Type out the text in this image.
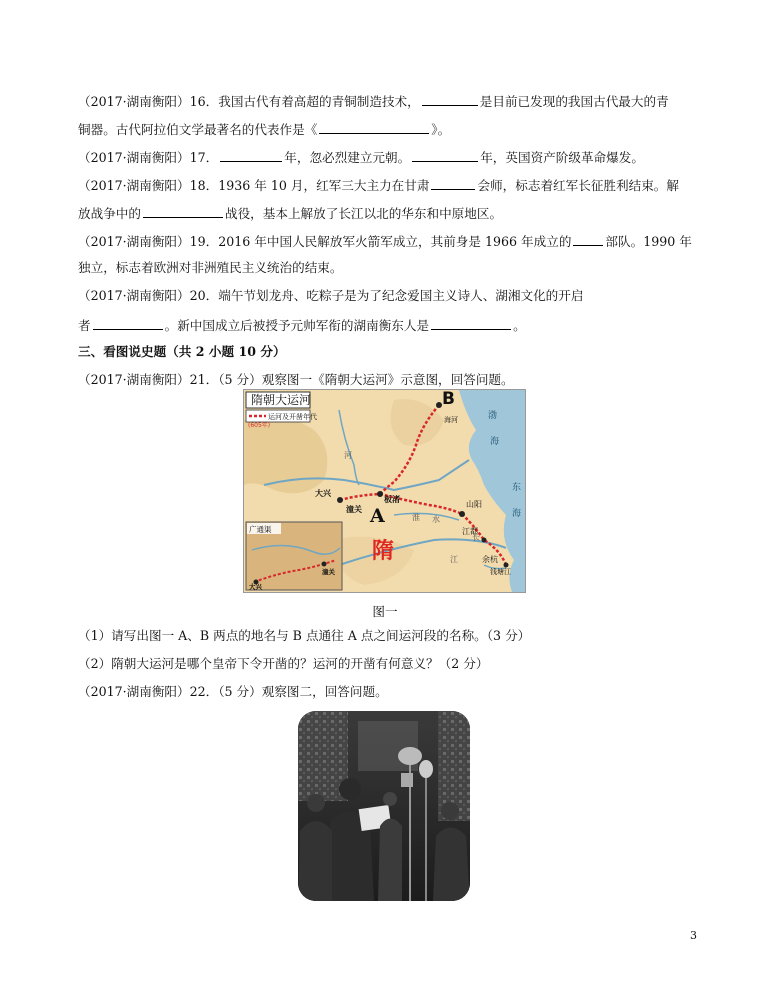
（2017·湖南衡阳）16．我国古代有着高超的青铜制造技术，	是目前已发现的我国古代最大的青
铜器。古代阿拉伯文学最著名的代表作是《	》。
（2017·湖南衡阳）17．	年，忽必烈建立元朝。	年，英国资产阶级革命爆发。
（2017·湖南衡阳）18．1936 年 10 月，红军三大主力在甘肃	会师，标志着红军长征胜利结束。解
放战争中的	战役，基本上解放了长江以北的华东和中原地区。
（2017·湖南衡阳）19．2016 年中国人民解放军火箭军成立，其前身是 1966 年成立的	部队。1990 年
独立，标志着欧洲对非洲殖民主义统治的结束。
（2017·湖南衡阳）20．端午节划龙舟、吃粽子是为了纪念爱国主义诗人、湖湘文化的开启
者	。新中国成立后被授予元帅军衔的湖南衡东人是	。
三、看图说史题（共 2 小题 10 分）
（2017·湖南衡阳）21．（5 分）观察图一《隋朝大运河》示意图，回答问题。
隋朝大运河
运河及开凿年代
(605年)
B
A
隋
大兴
潼关
板渚
山阳
江都
余杭
钱塘江
海河	渤
海
东
海
河
淮 水
长
江
广通渠
大兴
潼关
图一
（1）请写出图一 A、B 两点的地名与 B 点通往 A 点之间运河段的名称。（3 分）
（2）隋朝大运河是哪个皇帝下令开凿的？运河的开凿有何意义？（2 分）
（2017·湖南衡阳）22．（5 分）观察图二，回答问题。
3
